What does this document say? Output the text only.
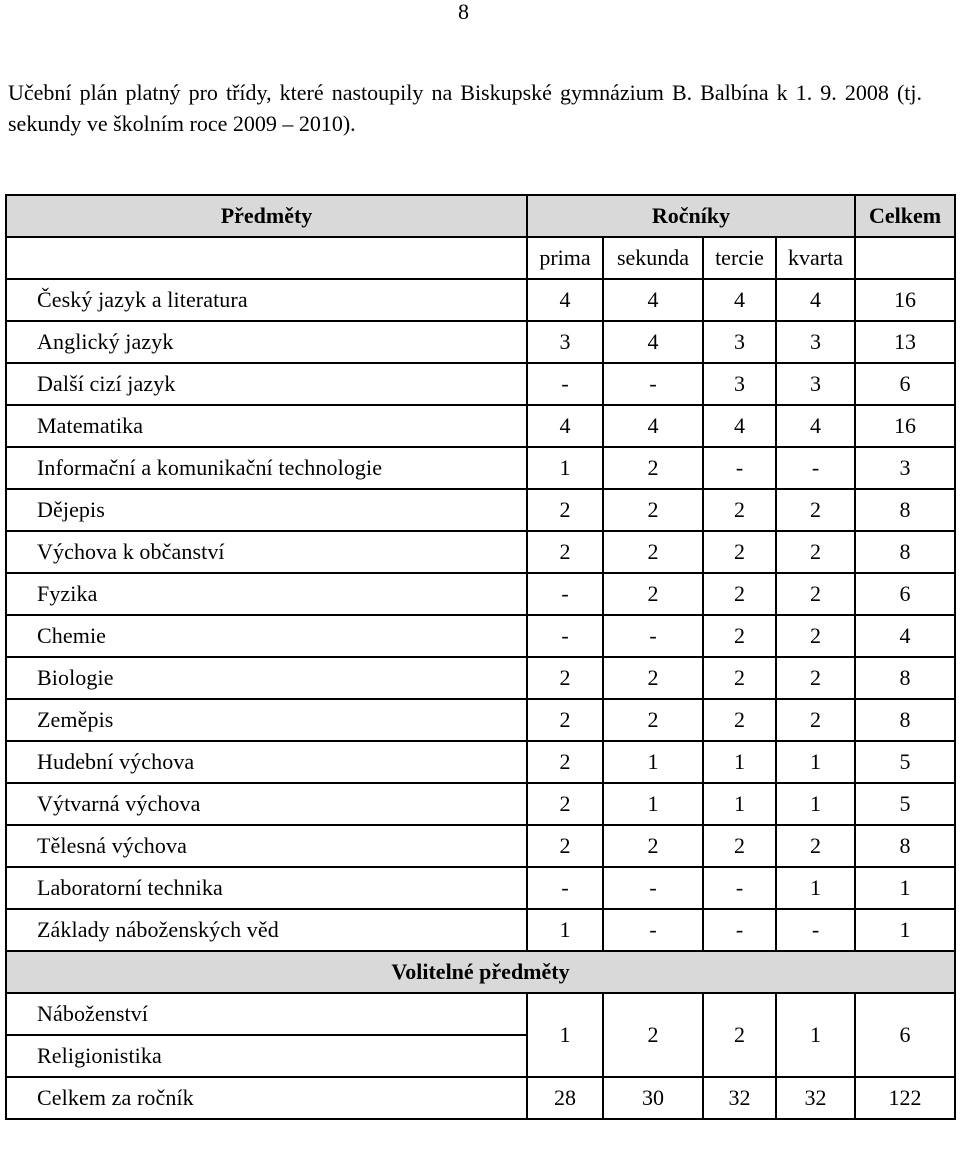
8

Učební plán platný pro třídy, které nastoupily na Biskupské gymnázium B. Balbína k 1. 9. 2008 (tj. sekundy ve školním roce 2009 – 2010).

Předměty	Ročníky				Celkem
	prima	sekunda	tercie	kvarta	
Český jazyk a literatura	4	4	4	4	16
Anglický jazyk	3	4	3	3	13
Další cizí jazyk	-	-	3	3	6
Matematika	4	4	4	4	16
Informační a komunikační technologie	1	2	-	-	3
Dějepis	2	2	2	2	8
Výchova k občanství	2	2	2	2	8
Fyzika	-	2	2	2	6
Chemie	-	-	2	2	4
Biologie	2	2	2	2	8
Zeměpis	2	2	2	2	8
Hudební výchova	2	1	1	1	5
Výtvarná výchova	2	1	1	1	5
Tělesná výchova	2	2	2	2	8
Laboratorní technika	-	-	-	1	1
Základy náboženských věd	1	-	-	-	1
Volitelné předměty					
Náboženství	1	2	2	1	6
Religionistika					
Celkem za ročník	28	30	32	32	122
